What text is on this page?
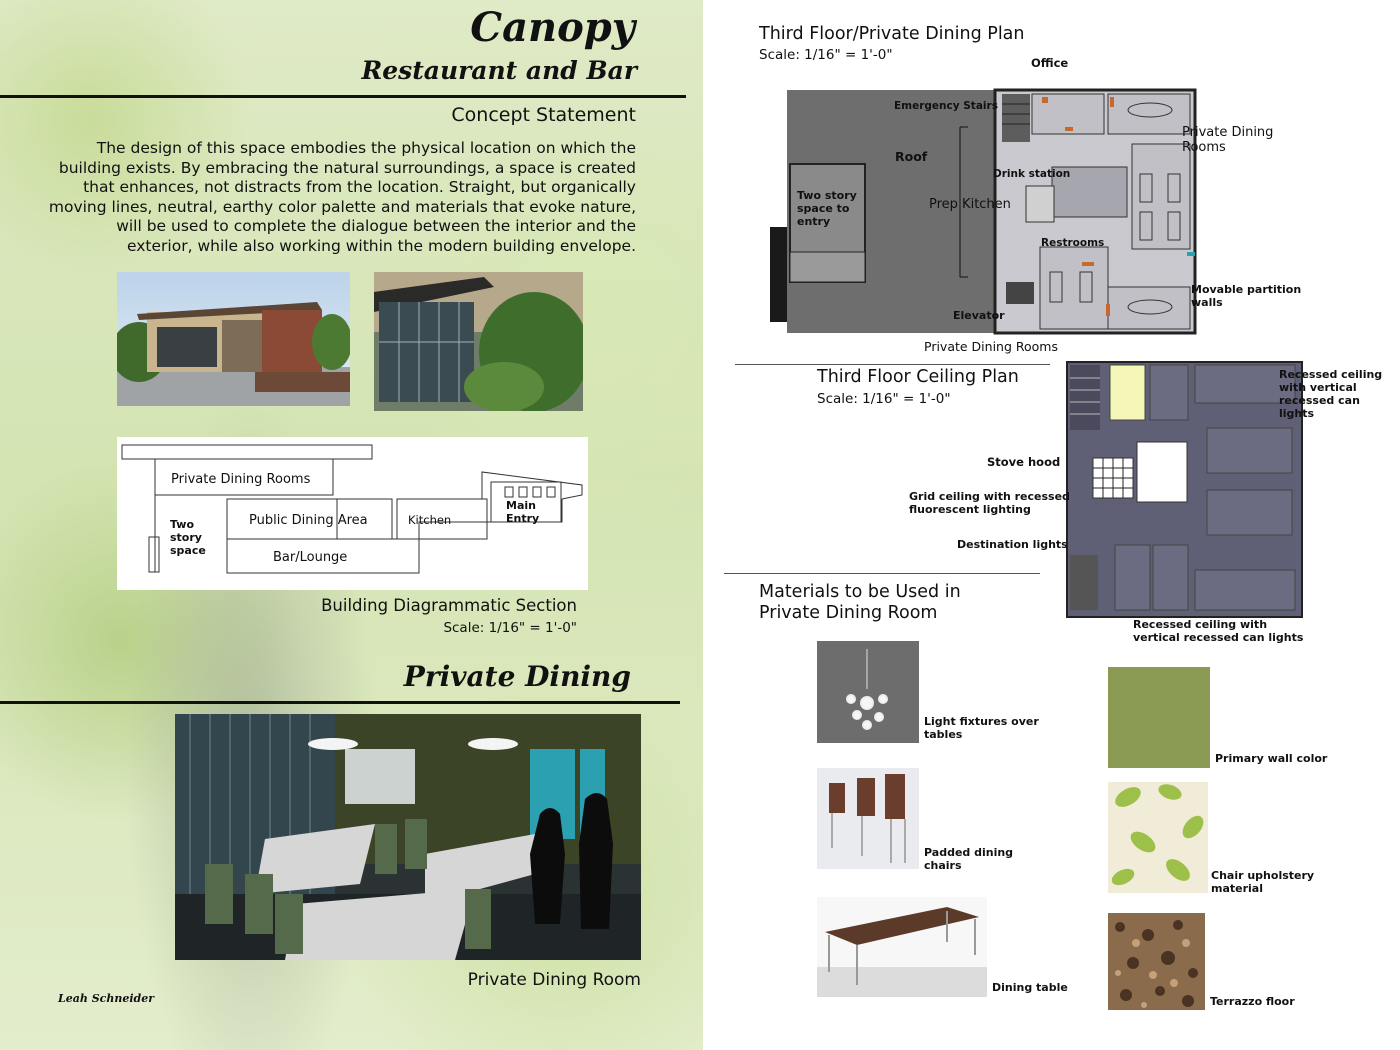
Canopy
Restaurant and Bar
Concept Statement
The design of this space embodies the physical location on which the
building exists. By embracing the natural surroundings, a space is created
that enhances, not distracts from the location. Straight, but organically
moving lines, neutral, earthy color palette and materials that evoke nature,
will be used to complete the dialogue between the interior and the
exterior, while also working within the modern building envelope.
Private Dining Rooms
Two
story
space
Public Dining Area	Kitchen
Main
Entry
Bar/Lounge
Building Diagrammatic Section
Scale: 1/16" = 1'-0"
Private Dining
Private Dining Room
Leah Schneider
Third Floor/Private Dining Plan
Scale: 1/16" = 1'-0"	Office
Emergency Stairs
Roof
Two story
space to
entry
Drink station
Prep Kitchen
Restrooms
Private Dining
Rooms
Movable partition
walls
Elevator
Private Dining Rooms
Third Floor Ceiling Plan
Scale: 1/16" = 1'-0"
Recessed ceiling
with vertical
recessed can
lights
Stove hood
Grid ceiling with recessed
fluorescent lighting
Destination lights
Recessed ceiling with
vertical recessed can lights
Materials to be Used in
Private Dining Room
Light fixtures over
tables
Padded dining
chairs
Dining table
Primary wall color
Chair upholstery
material
Terrazzo floor
